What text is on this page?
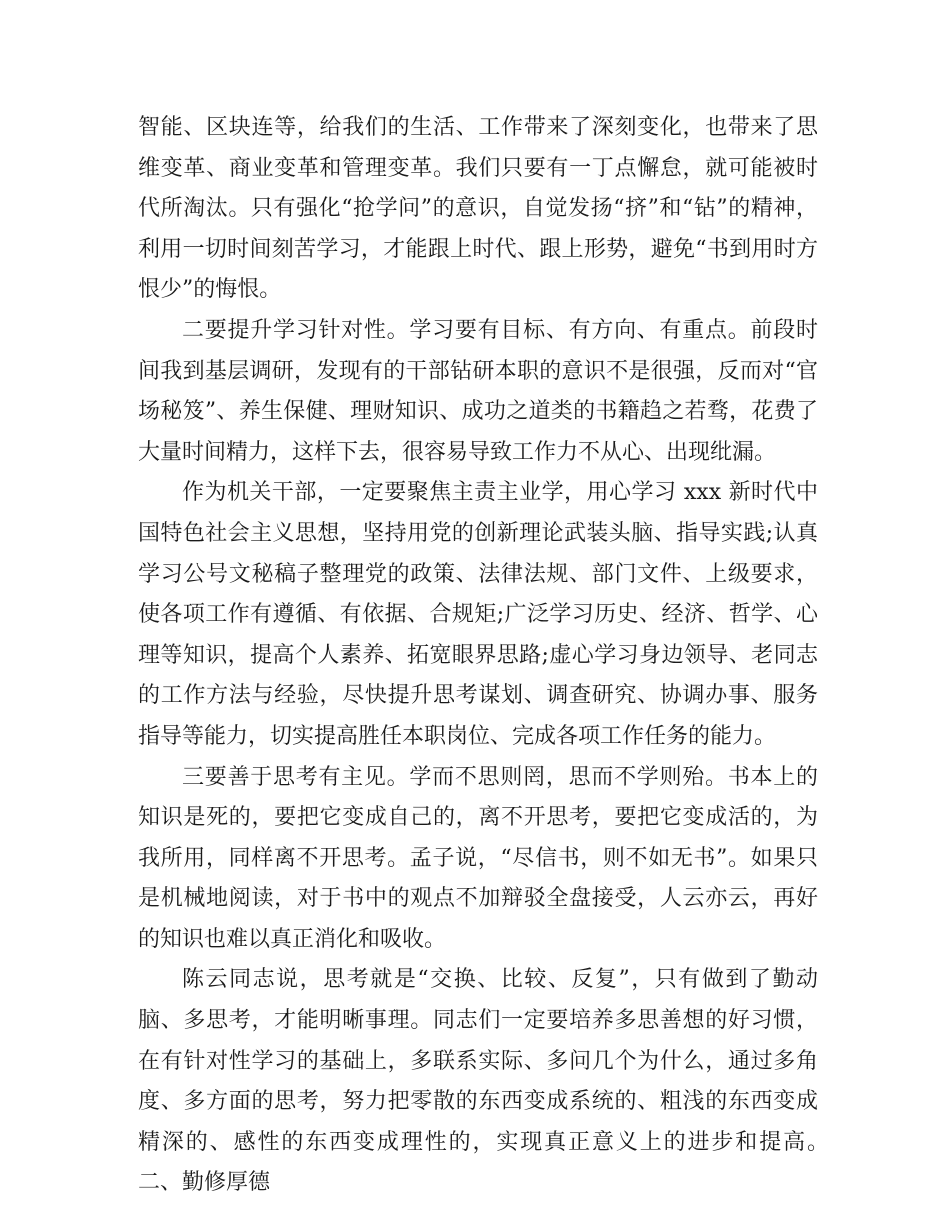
智能、区块连等，给我们的生活、工作带来了深刻变化，也带来了思维变革、商业变革和管理变革。我们只要有一丁点懈怠，就可能被时代所淘汰。只有强化“抢学问”的意识，自觉发扬“挤”和“钻”的精神，利用一切时间刻苦学习，才能跟上时代、跟上形势，避免“书到用时方恨少”的悔恨。

二要提升学习针对性。学习要有目标、有方向、有重点。前段时间我到基层调研，发现有的干部钻研本职的意识不是很强，反而对“官场秘笈”、养生保健、理财知识、成功之道类的书籍趋之若骛，花费了大量时间精力，这样下去，很容易导致工作力不从心、出现纰漏。

作为机关干部，一定要聚焦主责主业学，用心学习 xxx 新时代中国特色社会主义思想，坚持用党的创新理论武装头脑、指导实践;认真学习公号文秘稿子整理党的政策、法律法规、部门文件、上级要求，使各项工作有遵循、有依据、合规矩;广泛学习历史、经济、哲学、心理等知识，提高个人素养、拓宽眼界思路;虚心学习身边领导、老同志的工作方法与经验，尽快提升思考谋划、调查研究、协调办事、服务指导等能力，切实提高胜任本职岗位、完成各项工作任务的能力。

三要善于思考有主见。学而不思则罔，思而不学则殆。书本上的知识是死的，要把它变成自己的，离不开思考，要把它变成活的，为我所用，同样离不开思考。孟子说，“尽信书，则不如无书”。如果只是机械地阅读，对于书中的观点不加辩驳全盘接受，人云亦云，再好的知识也难以真正消化和吸收。

陈云同志说，思考就是“交换、比较、反复”，只有做到了勤动脑、多思考，才能明晰事理。同志们一定要培养多思善想的好习惯，在有针对性学习的基础上，多联系实际、多问几个为什么，通过多角度、多方面的思考，努力把零散的东西变成系统的、粗浅的东西变成精深的、感性的东西变成理性的，实现真正意义上的进步和提高。　　二、勤修厚德
